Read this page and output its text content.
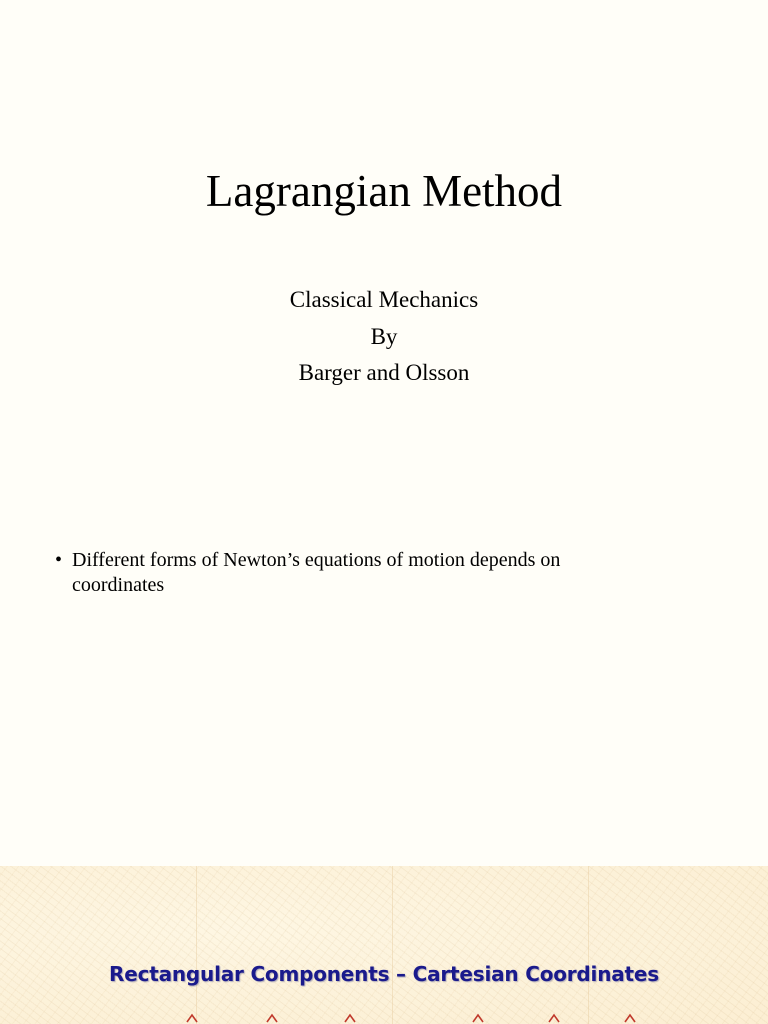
Lagrangian Method
Classical Mechanics
By
Barger and Olsson
• Different forms of Newton’s equations of motion depends on
coordinates
Rectangular Components – Cartesian Coordinates
